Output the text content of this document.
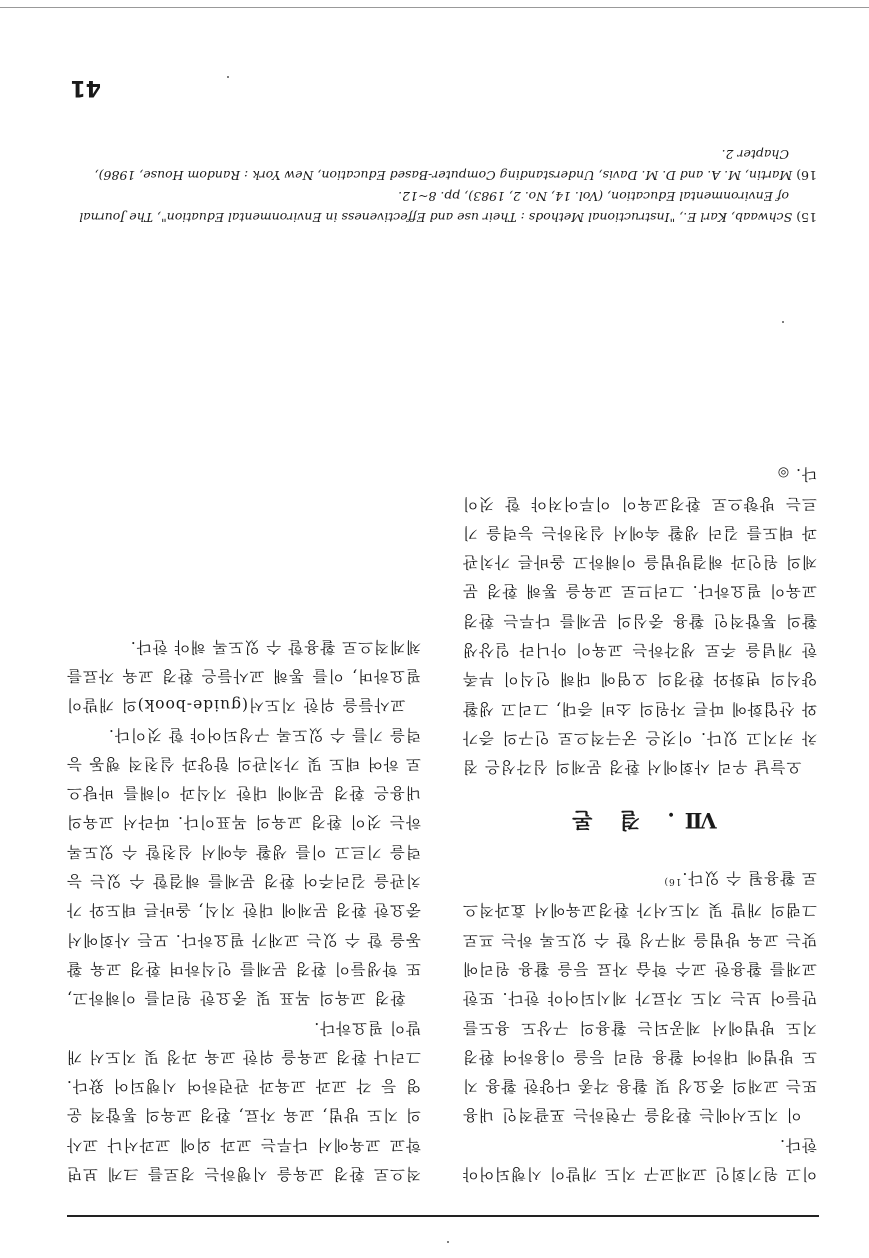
이고 원기회인 교재교구 지도 개발이 시행되어야 한다.

이 지도서에는 환경을 구현하는 포괄적인 내용 또는 교재의 중요성 및 활용 각종 다양한 활용 지도 방법에 대하여 활용 원리 등을 이용하여 환경 지도 방법에서 제공되는 활용의 구상도 용도를 만들어 보는 지도 자료가 제시되어야 한다. 또한 교재를 활용한 교수 학습 자료 등을 활용 원리에 맞는 교육 방법을 재구성 할 수 있도록 하는 프로그램의 개발 및 지도서가 환경교육에서 효과적으로 활용될 수 있다.$^{16)}$

Ⅶ. 결 론

오늘날 우리 사회에서 환경 문제의 심각성은 점차 커지고 있다. 이것은 궁극적으로 인구의 증가와 산업화에 따른 자원의 소비 증대, 그리고 생활양식의 변화와 환경의 오염에 대해 인식이 부족한 개념을 주로 생각하는 교육이 아니라 일상생활의 통합적인 활용 중심의 문제를 다루는 환경교육이 필요하다. 그러므로 교육을 통해 환경 문제의 원인과 해결방법을 이해하고 올바른 가치관과 태도를 길러 생활 속에서 실천하는 능력을 기르는 방향으로 환경교육이 이루어져야 할 것이다. ◎

적으로 환경 교육을 시행하는 경로를 크게 보면 학교 교육에서 다루는 교과 외에 교과서나 교사의 지도 방법, 교육 자료, 환경 교육의 통합적 운영 등 각 교과 교육과 관련하여 시행되어 왔다. 그러나 환경 교육을 위한 교육 과정 및 지도서 개발이 필요하다.

환경 교육의 목표 및 중요한 원리를 이해하고, 또 학생들이 환경 문제를 인식하며 환경 교육 활동을 할 수 있는 교재가 필요하다. 모든 사회에서 중요한 환경 문제에 대한 지식, 올바른 태도와 가치관을 길러주어 환경 문제를 해결할 수 있는 능력을 기르고 이를 생활 속에서 실천할 수 있도록 하는 것이 환경 교육의 목표이다. 따라서 교육의 내용은 환경 문제에 대한 지식과 이해를 바탕으로 하여 태도 및 가치관의 함양과 실천적 행동 능력을 기를 수 있도록 구성되어야 할 것이다.

교사들을 위한 지도서(guide-book)의 개발이 필요하며, 이를 통해 교사들은 환경 교육 자료를 체계적으로 활용할 수 있도록 해야 한다.

15) Schwaab, Karl E., "Instructional Methods : Their use and Effectiveness in Environmental Eduation", The Journal

of Environmental Education, (Vol. 14, No. 2, 1983), pp. 8~12.

16) Martin, M. A. and D. M. Davis, Understanding Computer-Based Education, New York : Random House, 1986),

Chapter 2.

41
